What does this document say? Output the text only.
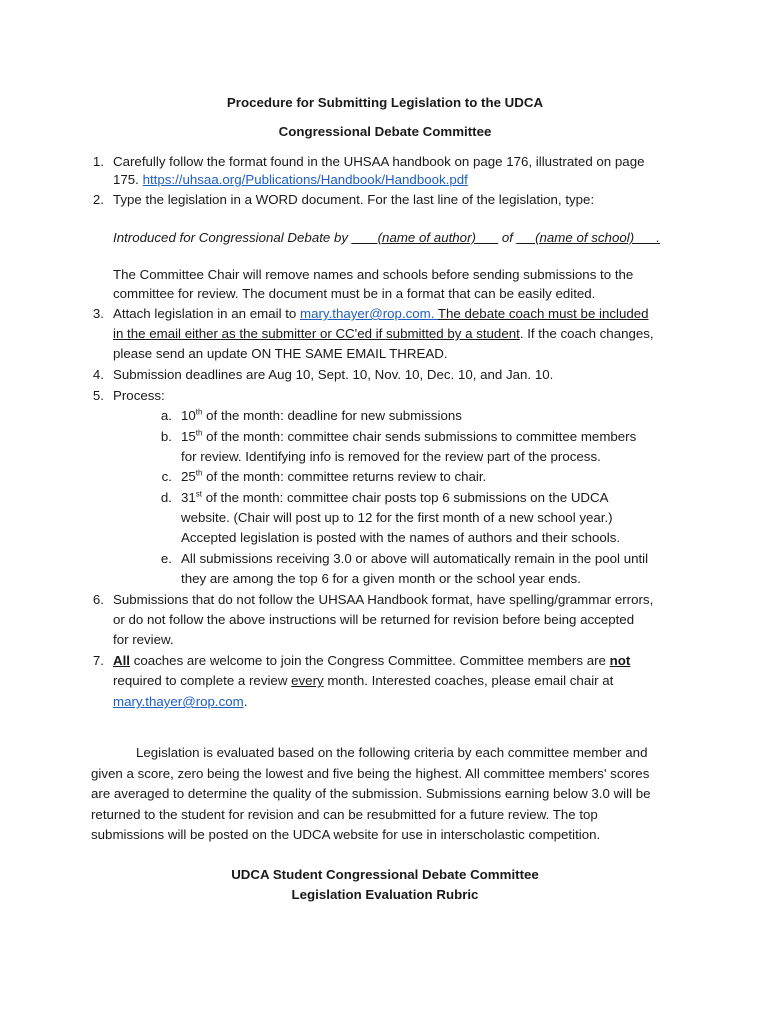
Procedure for Submitting Legislation to the UDCA
Congressional Debate Committee
1. Carefully follow the format found in the UHSAA handbook on page 176, illustrated on page
175. https://uhsaa.org/Publications/Handbook/Handbook.pdf
2. Type the legislation in a WORD document. For the last line of the legislation, type:
Introduced for Congressional Debate by ___ (name of author)___ of __ (name of school)___.
The Committee Chair will remove names and schools before sending submissions to the
committee for review. The document must be in a format that can be easily edited.
3. Attach legislation in an email to mary.thayer@rop.com. The debate coach must be included
in the email either as the submitter or CC'ed if submitted by a student. If the coach changes,
please send an update ON THE SAME EMAIL THREAD.
4. Submission deadlines are Aug 10, Sept. 10, Nov. 10, Dec. 10, and Jan. 10.
5. Process:
a. 10th of the month: deadline for new submissions
b. 15th of the month: committee chair sends submissions to committee members
for review. Identifying info is removed for the review part of the process.
c. 25th of the month: committee returns review to chair.
d. 31st of the month: committee chair posts top 6 submissions on the UDCA
website. (Chair will post up to 12 for the first month of a new school year.)
Accepted legislation is posted with the names of authors and their schools.
e. All submissions receiving 3.0 or above will automatically remain in the pool until
they are among the top 6 for a given month or the school year ends.
6. Submissions that do not follow the UHSAA Handbook format, have spelling/grammar errors,
or do not follow the above instructions will be returned for revision before being accepted
for review.
7. All coaches are welcome to join the Congress Committee. Committee members are not
required to complete a review every month. Interested coaches, please email chair at
mary.thayer@rop.com.
Legislation is evaluated based on the following criteria by each committee member and
given a score, zero being the lowest and five being the highest. All committee members' scores
are averaged to determine the quality of the submission. Submissions earning below 3.0 will be
returned to the student for revision and can be resubmitted for a future review. The top
submissions will be posted on the UDCA website for use in interscholastic competition.
UDCA Student Congressional Debate Committee
Legislation Evaluation Rubric
